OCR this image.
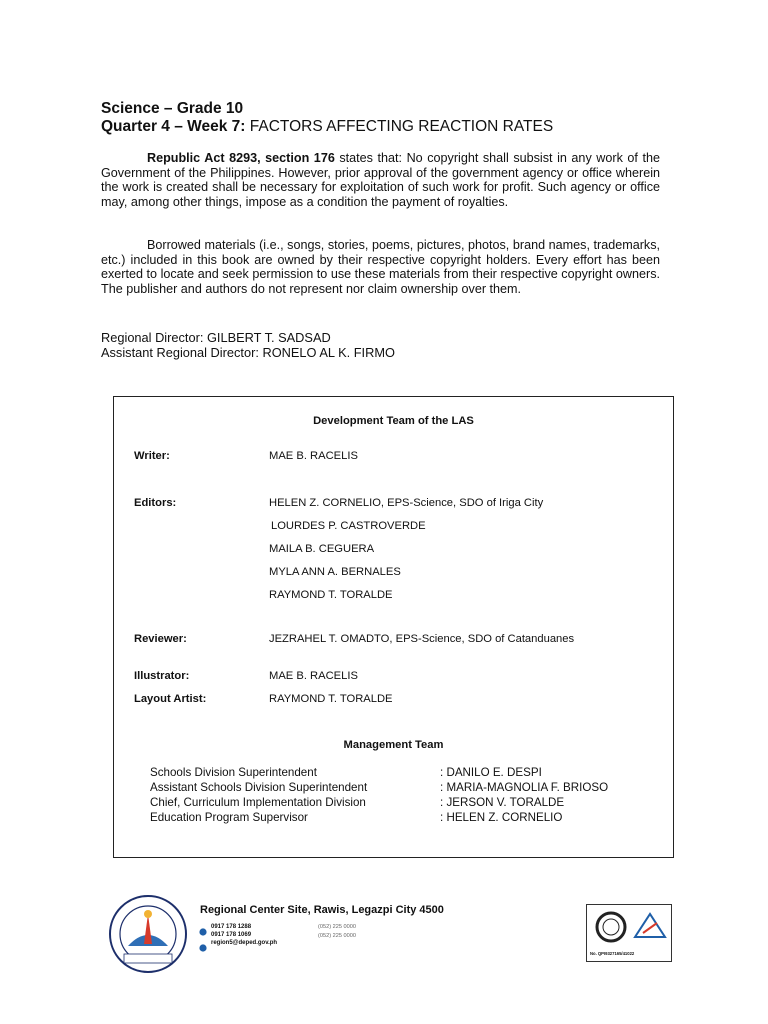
Science – Grade 10
Quarter 4 – Week 7: FACTORS AFFECTING REACTION RATES
Republic Act 8293, section 176 states that: No copyright shall subsist in any work of the Government of the Philippines. However, prior approval of the government agency or office wherein the work is created shall be necessary for exploitation of such work for profit. Such agency or office may, among other things, impose as a condition the payment of royalties.
Borrowed materials (i.e., songs, stories, poems, pictures, photos, brand names, trademarks, etc.) included in this book are owned by their respective copyright holders. Every effort has been exerted to locate and seek permission to use these materials from their respective copyright owners. The publisher and authors do not represent nor claim ownership over them.
Regional Director: GILBERT T. SADSAD
Assistant Regional Director: RONELO AL K. FIRMO
Development Team of the LAS
Writer:	MAE B. RACELIS
Editors:	HELEN Z. CORNELIO, EPS-Science, SDO of Iriga City
LOURDES P. CASTROVERDE
MAILA B. CEGUERA
MYLA ANN A. BERNALES
RAYMOND T. TORALDE
Reviewer:	JEZRAHEL T. OMADTO, EPS-Science, SDO of Catanduanes
Illustrator:	MAE B. RACELIS
Layout Artist:	RAYMOND T. TORALDE
Management Team
Schools Division Superintendent	: DANILO E. DESPI
Assistant Schools Division Superintendent	: MARIA-MAGNOLIA F. BRIOSO
Chief, Curriculum Implementation Division	: JERSON V. TORALDE
Education Program Supervisor	: HELEN Z. CORNELIO
Regional Center Site, Rawis, Legazpi City 4500
0917 178 1288
0917 178 1069
region5@deped.gov.ph
(052) 225 0000
(052) 225 0000
No. QPI9327165/41022
